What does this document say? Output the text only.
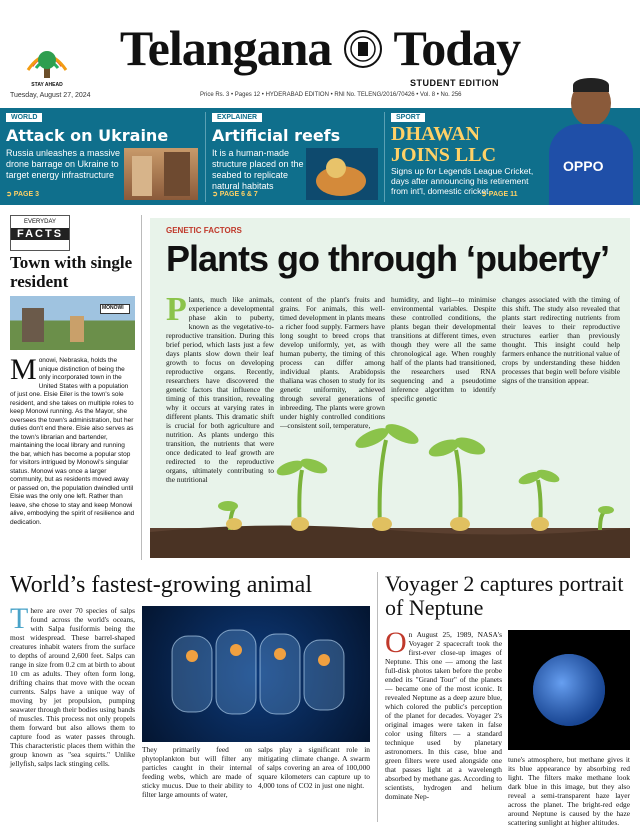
STAY AHEAD
Telangana Today
STUDENT EDITION
Tuesday, August 27, 2024	Price Rs. 3 • Pages 12 • HYDERABAD EDITION • RNI No. TELENG/2016/70426 • Vol. 8 • No. 256
WORLD
Attack on Ukraine
Russia unleashes a massive drone barrage on Ukraine to target energy infrastructure
➲ PAGE 3
EXPLAINER
Artificial reefs
It is a human-made structure placed on the seabed to replicate natural habitats
➲ PAGE 6 & 7
SPORT
DHAWAN
JOINS LLC
Signs up for Legends League Cricket, days after announcing his retirement from int'l, domestic cricket
OPPO
➲ PAGE 11
EVERYDAY
FACTS
Town with single resident
MONOWI
Monowi, Nebraska, holds the unique distinction of being the only incorporated town in the United States with a population of just one. Elsie Eiler is the town's sole resident, and she takes on multiple roles to keep Monowi running. As the Mayor, she oversees the town's administration, but her duties don't end there. Elsie also serves as the town's librarian and bartender, maintaining the local library and running the bar, which has become a popular stop for visitors intrigued by Monowi's singular status. Monowi was once a larger community, but as residents moved away or passed on, the population dwindled until Elsie was the only one left. Rather than leave, she chose to stay and keep Monowi alive, embodying the spirit of resilience and dedication.
GENETIC FACTORS
Plants go through ‘puberty’
Plants, much like animals, experience a developmental phase akin to puberty, known as the vegetative-to-reproductive transition. During this brief period, which lasts just a few days plants slow down their leaf growth to focus on developing reproductive organs. Recently, researchers have discovered the genetic factors that influence the timing of this transition, revealing why it occurs at varying rates in different plants. This dramatic shift is crucial for both agriculture and nutrition. As plants undergo this transition, the nutrients that were once dedicated to leaf growth are redirected to the reproductive organs, ultimately contributing to the nutritional
content of the plant's fruits and grains. For animals, this well-timed development in plants means a richer food supply. Farmers have long sought to breed crops that develop uniformly, yet, as with human puberty, the timing of this process can differ among individual plants. Arabidopsis thaliana was chosen to study for its genetic uniformity, achieved through several generations of inbreeding. The plants were grown under highly controlled conditions—consistent soil, temperature,
humidity, and light—to minimise environmental variables. Despite these controlled conditions, the plants began their developmental transitions at different times, even though they were all the same chronological age. When roughly half of the plants had transitioned, the researchers used RNA sequencing and a pseudotime inference algorithm to identify specific genetic
changes associated with the timing of this shift. The study also revealed that plants start redirecting nutrients from their leaves to their reproductive structures earlier than previously thought. This insight could help farmers enhance the nutritional value of crops by understanding these hidden processes that begin well before visible signs of the transition appear.
World’s fastest-growing animal
There are over 70 species of salps found across the world's oceans, with Salpa fusiformis being the most widespread. These barrel-shaped creatures inhabit waters from the surface to depths of around 2,600 feet. Salps can range in size from 0.2 cm at birth to about 10 cm as adults. They often form long, drifting chains that move with the ocean currents. Salps have a unique way of moving by jet propulsion, pumping seawater through their bodies using bands of muscles. This process not only propels them forward but also allows them to capture food as water passes through. This characteristic places them within the group known as "sea squirts." Unlike jellyfish, salps lack stinging cells.
They primarily feed on phytoplankton but will filter any particles caught in their internal feeding webs, which are made of sticky mucus. Due to their ability to filter large amounts of water,
salps play a significant role in mitigating climate change. A swarm of salps covering an area of 100,000 square kilometers can capture up to 4,000 tons of CO2 in just one night.
Voyager 2 captures portrait of Neptune
On August 25, 1989, NASA's Voyager 2 spacecraft took the first-ever close-up images of Neptune. This one — among the last full-disk photos taken before the probe ended its "Grand Tour" of the planets — became one of the most iconic. It revealed Neptune as a deep azure blue, which colored the public's perception of the planet for decades. Voyager 2's original images were taken in false color using filters — a standard technique used by planetary astronomers. In this case, blue and green filters were used alongside one that passes light at a wavelength absorbed by methane gas. According to scientists, hydrogen and helium dominate Nep-
tune's atmosphere, but methane gives it its blue appearance by absorbing red light. The filters make methane look dark blue in this image, but they also reveal a semi-transparent haze layer across the planet. The bright-red edge around Neptune is caused by the haze scattering sunlight at higher altitudes.
